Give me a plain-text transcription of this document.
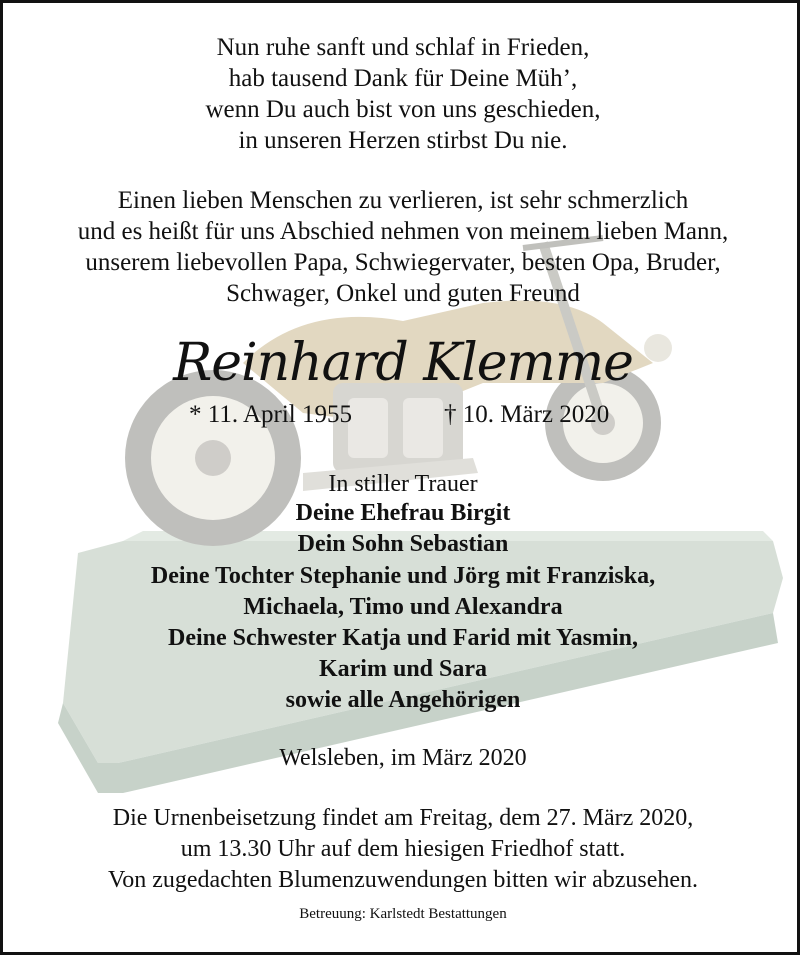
Nun ruhe sanft und schlaf in Frieden,
hab tausend Dank für Deine Müh’,
wenn Du auch bist von uns geschieden,
in unseren Herzen stirbst Du nie.
Einen lieben Menschen zu verlieren, ist sehr schmerzlich
und es heißt für uns Abschied nehmen von meinem lieben Mann,
unserem liebevollen Papa, Schwiegervater, besten Opa, Bruder,
Schwager, Onkel und guten Freund
Reinhard Klemme
* 11. April 1955	† 10. März 2020
In stiller Trauer
Deine Ehefrau Birgit
Dein Sohn Sebastian
Deine Tochter Stephanie und Jörg mit Franziska,
Michaela, Timo und Alexandra
Deine Schwester Katja und Farid mit Yasmin,
Karim und Sara
sowie alle Angehörigen
Welsleben, im März 2020
Die Urnenbeisetzung findet am Freitag, dem 27. März 2020,
um 13.30 Uhr auf dem hiesigen Friedhof statt.
Von zugedachten Blumenzuwendungen bitten wir abzusehen.
Betreuung: Karlstedt Bestattungen
